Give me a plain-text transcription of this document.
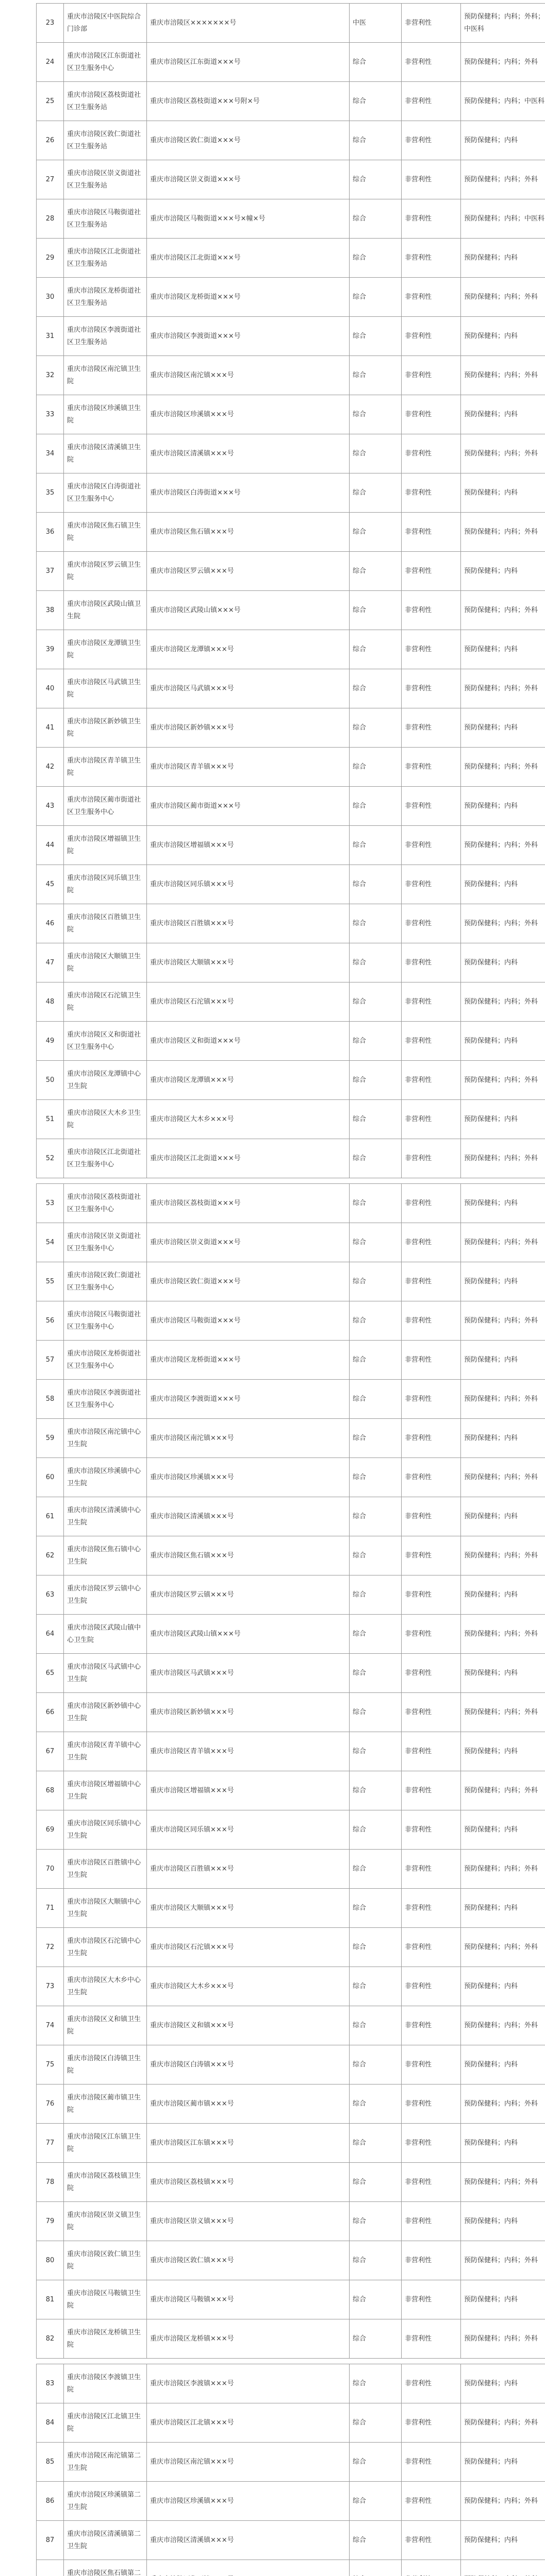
23	重庆市涪陵区中医院综合门诊部	重庆市涪陵区×××××××号	中医	非营利性	预防保健科；内科；外科；中医科
24	重庆市涪陵区江东街道社区卫生服务中心	重庆市涪陵区江东街道×××号	综合	非营利性	预防保健科；内科；外科
25	重庆市涪陵区荔枝街道社区卫生服务站	重庆市涪陵区荔枝街道×××号附×号	综合	非营利性	预防保健科；内科；中医科
26	重庆市涪陵区敦仁街道社区卫生服务站	重庆市涪陵区敦仁街道×××号	综合	非营利性	预防保健科；内科
27	重庆市涪陵区崇义街道社区卫生服务站	重庆市涪陵区崇义街道×××号	综合	非营利性	预防保健科；内科；外科
28	重庆市涪陵区马鞍街道社区卫生服务站	重庆市涪陵区马鞍街道×××号×幢×号	综合	非营利性	预防保健科；内科；中医科
29	重庆市涪陵区江北街道社区卫生服务站	重庆市涪陵区江北街道×××号	综合	非营利性	预防保健科；内科
30	重庆市涪陵区龙桥街道社区卫生服务站	重庆市涪陵区龙桥街道×××号	综合	非营利性	预防保健科；内科；外科
31	重庆市涪陵区李渡街道社区卫生服务站	重庆市涪陵区李渡街道×××号	综合	非营利性	预防保健科；内科
32	重庆市涪陵区南沱镇卫生院	重庆市涪陵区南沱镇×××号	综合	非营利性	预防保健科；内科；外科
33	重庆市涪陵区珍溪镇卫生院	重庆市涪陵区珍溪镇×××号	综合	非营利性	预防保健科；内科
34	重庆市涪陵区清溪镇卫生院	重庆市涪陵区清溪镇×××号	综合	非营利性	预防保健科；内科；外科
35	重庆市涪陵区白涛街道社区卫生服务中心	重庆市涪陵区白涛街道×××号	综合	非营利性	预防保健科；内科
36	重庆市涪陵区焦石镇卫生院	重庆市涪陵区焦石镇×××号	综合	非营利性	预防保健科；内科；外科
37	重庆市涪陵区罗云镇卫生院	重庆市涪陵区罗云镇×××号	综合	非营利性	预防保健科；内科
38	重庆市涪陵区武陵山镇卫生院	重庆市涪陵区武陵山镇×××号	综合	非营利性	预防保健科；内科；外科
39	重庆市涪陵区龙潭镇卫生院	重庆市涪陵区龙潭镇×××号	综合	非营利性	预防保健科；内科
40	重庆市涪陵区马武镇卫生院	重庆市涪陵区马武镇×××号	综合	非营利性	预防保健科；内科；外科
41	重庆市涪陵区新妙镇卫生院	重庆市涪陵区新妙镇×××号	综合	非营利性	预防保健科；内科
42	重庆市涪陵区青羊镇卫生院	重庆市涪陵区青羊镇×××号	综合	非营利性	预防保健科；内科；外科
43	重庆市涪陵区蔺市街道社区卫生服务中心	重庆市涪陵区蔺市街道×××号	综合	非营利性	预防保健科；内科
44	重庆市涪陵区增福镇卫生院	重庆市涪陵区增福镇×××号	综合	非营利性	预防保健科；内科；外科
45	重庆市涪陵区同乐镇卫生院	重庆市涪陵区同乐镇×××号	综合	非营利性	预防保健科；内科
46	重庆市涪陵区百胜镇卫生院	重庆市涪陵区百胜镇×××号	综合	非营利性	预防保健科；内科；外科
47	重庆市涪陵区大顺镇卫生院	重庆市涪陵区大顺镇×××号	综合	非营利性	预防保健科；内科
48	重庆市涪陵区石沱镇卫生院	重庆市涪陵区石沱镇×××号	综合	非营利性	预防保健科；内科；外科
49	重庆市涪陵区义和街道社区卫生服务中心	重庆市涪陵区义和街道×××号	综合	非营利性	预防保健科；内科
50	重庆市涪陵区龙潭镇中心卫生院	重庆市涪陵区龙潭镇×××号	综合	非营利性	预防保健科；内科；外科
51	重庆市涪陵区大木乡卫生院	重庆市涪陵区大木乡×××号	综合	非营利性	预防保健科；内科
52	重庆市涪陵区江北街道社区卫生服务中心	重庆市涪陵区江北街道×××号	综合	非营利性	预防保健科；内科；外科

53	重庆市涪陵区荔枝街道社区卫生服务中心	重庆市涪陵区荔枝街道×××号	综合	非营利性	预防保健科；内科
54	重庆市涪陵区崇义街道社区卫生服务中心	重庆市涪陵区崇义街道×××号	综合	非营利性	预防保健科；内科；外科
55	重庆市涪陵区敦仁街道社区卫生服务中心	重庆市涪陵区敦仁街道×××号	综合	非营利性	预防保健科；内科
56	重庆市涪陵区马鞍街道社区卫生服务中心	重庆市涪陵区马鞍街道×××号	综合	非营利性	预防保健科；内科；外科
57	重庆市涪陵区龙桥街道社区卫生服务中心	重庆市涪陵区龙桥街道×××号	综合	非营利性	预防保健科；内科
58	重庆市涪陵区李渡街道社区卫生服务中心	重庆市涪陵区李渡街道×××号	综合	非营利性	预防保健科；内科；外科
59	重庆市涪陵区南沱镇中心卫生院	重庆市涪陵区南沱镇×××号	综合	非营利性	预防保健科；内科
60	重庆市涪陵区珍溪镇中心卫生院	重庆市涪陵区珍溪镇×××号	综合	非营利性	预防保健科；内科；外科
61	重庆市涪陵区清溪镇中心卫生院	重庆市涪陵区清溪镇×××号	综合	非营利性	预防保健科；内科
62	重庆市涪陵区焦石镇中心卫生院	重庆市涪陵区焦石镇×××号	综合	非营利性	预防保健科；内科；外科
63	重庆市涪陵区罗云镇中心卫生院	重庆市涪陵区罗云镇×××号	综合	非营利性	预防保健科；内科
64	重庆市涪陵区武陵山镇中心卫生院	重庆市涪陵区武陵山镇×××号	综合	非营利性	预防保健科；内科；外科
65	重庆市涪陵区马武镇中心卫生院	重庆市涪陵区马武镇×××号	综合	非营利性	预防保健科；内科
66	重庆市涪陵区新妙镇中心卫生院	重庆市涪陵区新妙镇×××号	综合	非营利性	预防保健科；内科；外科
67	重庆市涪陵区青羊镇中心卫生院	重庆市涪陵区青羊镇×××号	综合	非营利性	预防保健科；内科
68	重庆市涪陵区增福镇中心卫生院	重庆市涪陵区增福镇×××号	综合	非营利性	预防保健科；内科；外科
69	重庆市涪陵区同乐镇中心卫生院	重庆市涪陵区同乐镇×××号	综合	非营利性	预防保健科；内科
70	重庆市涪陵区百胜镇中心卫生院	重庆市涪陵区百胜镇×××号	综合	非营利性	预防保健科；内科；外科
71	重庆市涪陵区大顺镇中心卫生院	重庆市涪陵区大顺镇×××号	综合	非营利性	预防保健科；内科
72	重庆市涪陵区石沱镇中心卫生院	重庆市涪陵区石沱镇×××号	综合	非营利性	预防保健科；内科；外科
73	重庆市涪陵区大木乡中心卫生院	重庆市涪陵区大木乡×××号	综合	非营利性	预防保健科；内科
74	重庆市涪陵区义和镇卫生院	重庆市涪陵区义和镇×××号	综合	非营利性	预防保健科；内科；外科
75	重庆市涪陵区白涛镇卫生院	重庆市涪陵区白涛镇×××号	综合	非营利性	预防保健科；内科
76	重庆市涪陵区蔺市镇卫生院	重庆市涪陵区蔺市镇×××号	综合	非营利性	预防保健科；内科；外科
77	重庆市涪陵区江东镇卫生院	重庆市涪陵区江东镇×××号	综合	非营利性	预防保健科；内科
78	重庆市涪陵区荔枝镇卫生院	重庆市涪陵区荔枝镇×××号	综合	非营利性	预防保健科；内科；外科
79	重庆市涪陵区崇义镇卫生院	重庆市涪陵区崇义镇×××号	综合	非营利性	预防保健科；内科
80	重庆市涪陵区敦仁镇卫生院	重庆市涪陵区敦仁镇×××号	综合	非营利性	预防保健科；内科；外科
81	重庆市涪陵区马鞍镇卫生院	重庆市涪陵区马鞍镇×××号	综合	非营利性	预防保健科；内科
82	重庆市涪陵区龙桥镇卫生院	重庆市涪陵区龙桥镇×××号	综合	非营利性	预防保健科；内科；外科

83	重庆市涪陵区李渡镇卫生院	重庆市涪陵区李渡镇×××号	综合	非营利性	预防保健科；内科
84	重庆市涪陵区江北镇卫生院	重庆市涪陵区江北镇×××号	综合	非营利性	预防保健科；内科；外科
85	重庆市涪陵区南沱镇第二卫生院	重庆市涪陵区南沱镇×××号	综合	非营利性	预防保健科；内科
86	重庆市涪陵区珍溪镇第二卫生院	重庆市涪陵区珍溪镇×××号	综合	非营利性	预防保健科；内科；外科
87	重庆市涪陵区清溪镇第二卫生院	重庆市涪陵区清溪镇×××号	综合	非营利性	预防保健科；内科
	重庆市涪陵区焦石镇第二				
